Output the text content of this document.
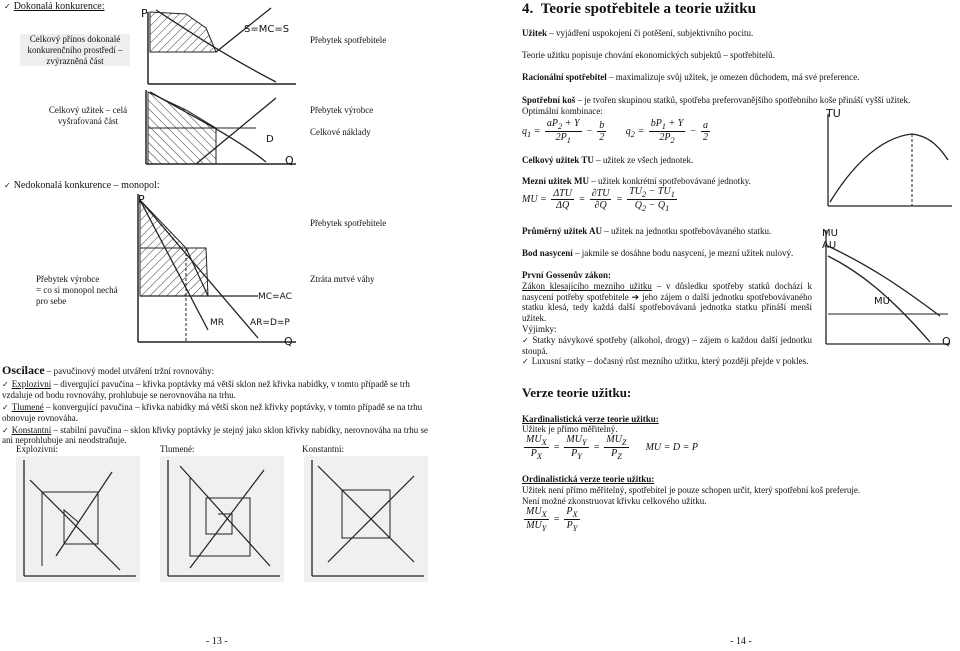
✓ Dokonalá konkurence:
Celkový přínos dokonalé konkurenčního prostředí – zvýrazněná část
Přebytek spotřebitele
Celkový užitek – celá vyšrafovaná část
Přebytek výrobce
Celkové náklady
P
S=MC=S
D
Q
✓ Nedokonalá konkurence – monopol:
Přebytek spotřebitele
P
MC=AC
MR	AR=D=P
Q
Přebytek výrobce
= co si monopol nechá
pro sebe
Ztráta mrtvé váhy
Oscilace – pavučinový model utváření tržní rovnováhy:
✓ Explozivní – divergující pavučina – křivka poptávky má větší sklon než křivka nabídky, v tomto případě se trh vzdaluje od bodu rovnováhy, prohlubuje se nerovnováha na trhu.
✓ Tlumené – konvergující pavučina – křivka nabídky má větší skon než křivky poptávky, v tomto případě se na trhu obnovuje rovnováha.
✓ Konstantní – stabilní pavučina – sklon křivky poptávky je stejný jako sklon křivky nabídky, nerovnováha na trhu se ani neprohlubuje ani neodstraňuje.
Explozivní:	Tlumené:	Konstantní:
- 13 -
4. Teorie spotřebitele a teorie užitku
Užitek – vyjádření uspokojení či potěšení, subjektivního pocitu.
Teorie užitku popisuje chování ekonomických subjektů – spotřebitelů.
Racionální spotřebitel – maximalizuje svůj užitek, je omezen důchodem, má své preference.
Spotřební koš – je tvořen skupinou statků, spotřeba preferovanějšího spotřebního koše přináší vyšší užitek.
Optimální kombinace:
$q_1 = \frac{aP_2 + Y}{2P_1} - \frac{b}{2} q_2 = \frac{bP_1 + Y}{2P_2} - \frac{a}{2}$
Celkový užitek TU – užitek ze všech jednotek.
TU
Mezní užitek MU – užitek konkrétní spotřebovávané jednotky.
MU = $\frac{\text{ΔTU}}{\Delta Q} = \frac{\partial TU}{\partial Q} = \frac{TU_2 - TU_1}{Q_2 - Q_1}$
Průměrný užitek AU – užitek na jednotku spotřebovávaného statku.
Bod nasycení – jakmile se dosáhne bodu nasycení, je mezní užitek nulový.
MU
AU
MU
Q
První Gossenův zákon:
Zákon klesajícího mezního užitku – v důsledku spotřeby statků dochází k nasycení potřeby spotřebitele ➔ jeho zájem o další jednotku spotřebovávaného statku klesá, tedy každá další spotřebovávaná jednotka statku přináší menší užitek.
Výjimky:
✓ Statky návykové spotřeby (alkohol, drogy) – zájem o každou další jednotku stoupá.
✓ Luxusní statky – dočasný růst mezního užitku, který později přejde v pokles.
Verze teorie užitku:
Kardinalistická verze teorie užitku:
Užitek je přímo měřitelný.
$\frac{MU_X}{P_X} = \frac{MU_Y}{P_Y} = \frac{MU_Z}{P_Z}$ MU = D = P
Ordinalistická verze teorie užitku:
Užitek není přímo měřitelný, spotřebitel je pouze schopen určit, který spotřební koš preferuje.
Není možné zkonstruovat křivku celkového užitku.
$\frac{MU_X}{MU_Y} = \frac{P_X}{P_Y}$
- 14 -
